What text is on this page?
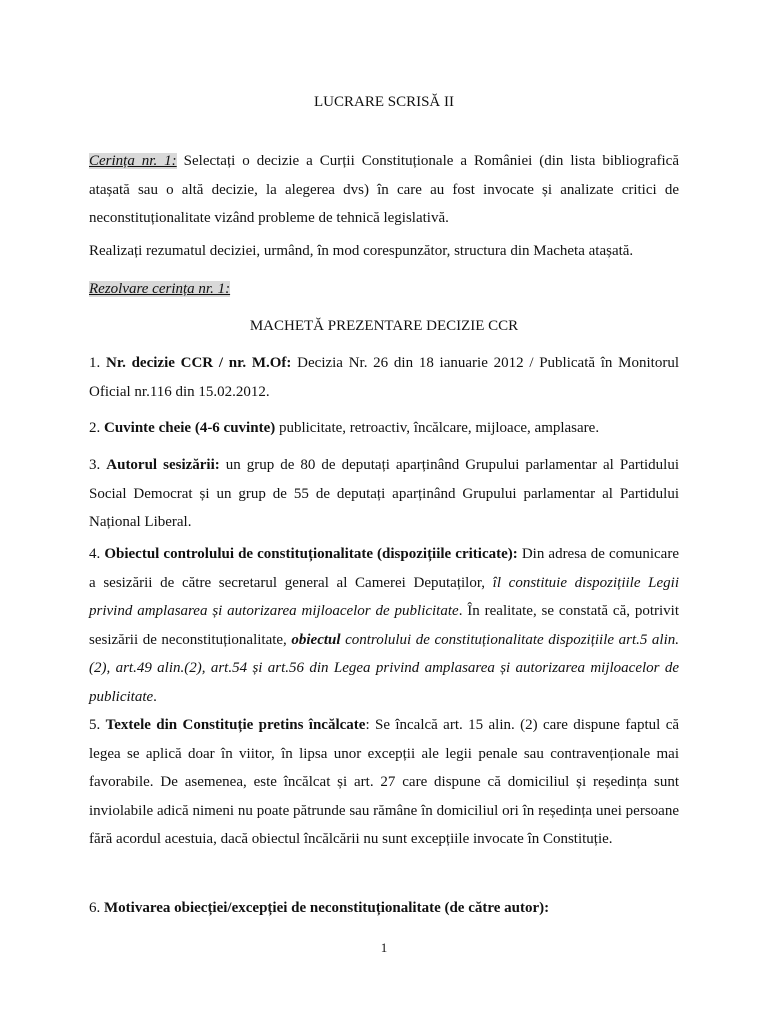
LUCRARE SCRISĂ II
Cerința nr. 1: Selectați o decizie a Curții Constituționale a României (din lista bibliografică atașată sau o altă decizie, la alegerea dvs) în care au fost invocate și analizate critici de neconstituționalitate vizând probleme de tehnică legislativă.
Realizați rezumatul deciziei, urmând, în mod corespunzător, structura din Macheta atașată.
Rezolvare cerința nr. 1:
MACHETĂ PREZENTARE DECIZIE CCR
1. Nr. decizie CCR / nr. M.Of: Decizia Nr. 26 din 18 ianuarie 2012 / Publicată în Monitorul Oficial nr.116 din 15.02.2012.
2. Cuvinte cheie (4-6 cuvinte) publicitate, retroactiv, încălcare, mijloace, amplasare.
3. Autorul sesizării: un grup de 80 de deputați aparținând Grupului parlamentar al Partidului Social Democrat și un grup de 55 de deputați aparținând Grupului parlamentar al Partidului Național Liberal.
4. Obiectul controlului de constituționalitate (dispozițiile criticate): Din adresa de comunicare a sesizării de către secretarul general al Camerei Deputaților, îl constituie dispozițiile Legii privind amplasarea și autorizarea mijloacelor de publicitate. În realitate, se constată că, potrivit sesizării de neconstituționalitate, obiectul controlului de constituționalitate dispozițiile art.5 alin.(2), art.49 alin.(2), art.54 și art.56 din Legea privind amplasarea și autorizarea mijloacelor de publicitate.
5. Textele din Constituție pretins încălcate: Se încalcă art. 15 alin. (2) care dispune faptul că legea se aplică doar în viitor, în lipsa unor excepții ale legii penale sau contravenționale mai favorabile. De asemenea, este încălcat și art. 27 care dispune că domiciliul și reședința sunt inviolabile adică nimeni nu poate pătrunde sau rămâne în domiciliul ori în reședința unei persoane fără acordul acestuia, dacă obiectul încălcării nu sunt excepțiile invocate în Constituție.
6. Motivarea obiecției/excepției de neconstituționalitate (de către autor):
1
